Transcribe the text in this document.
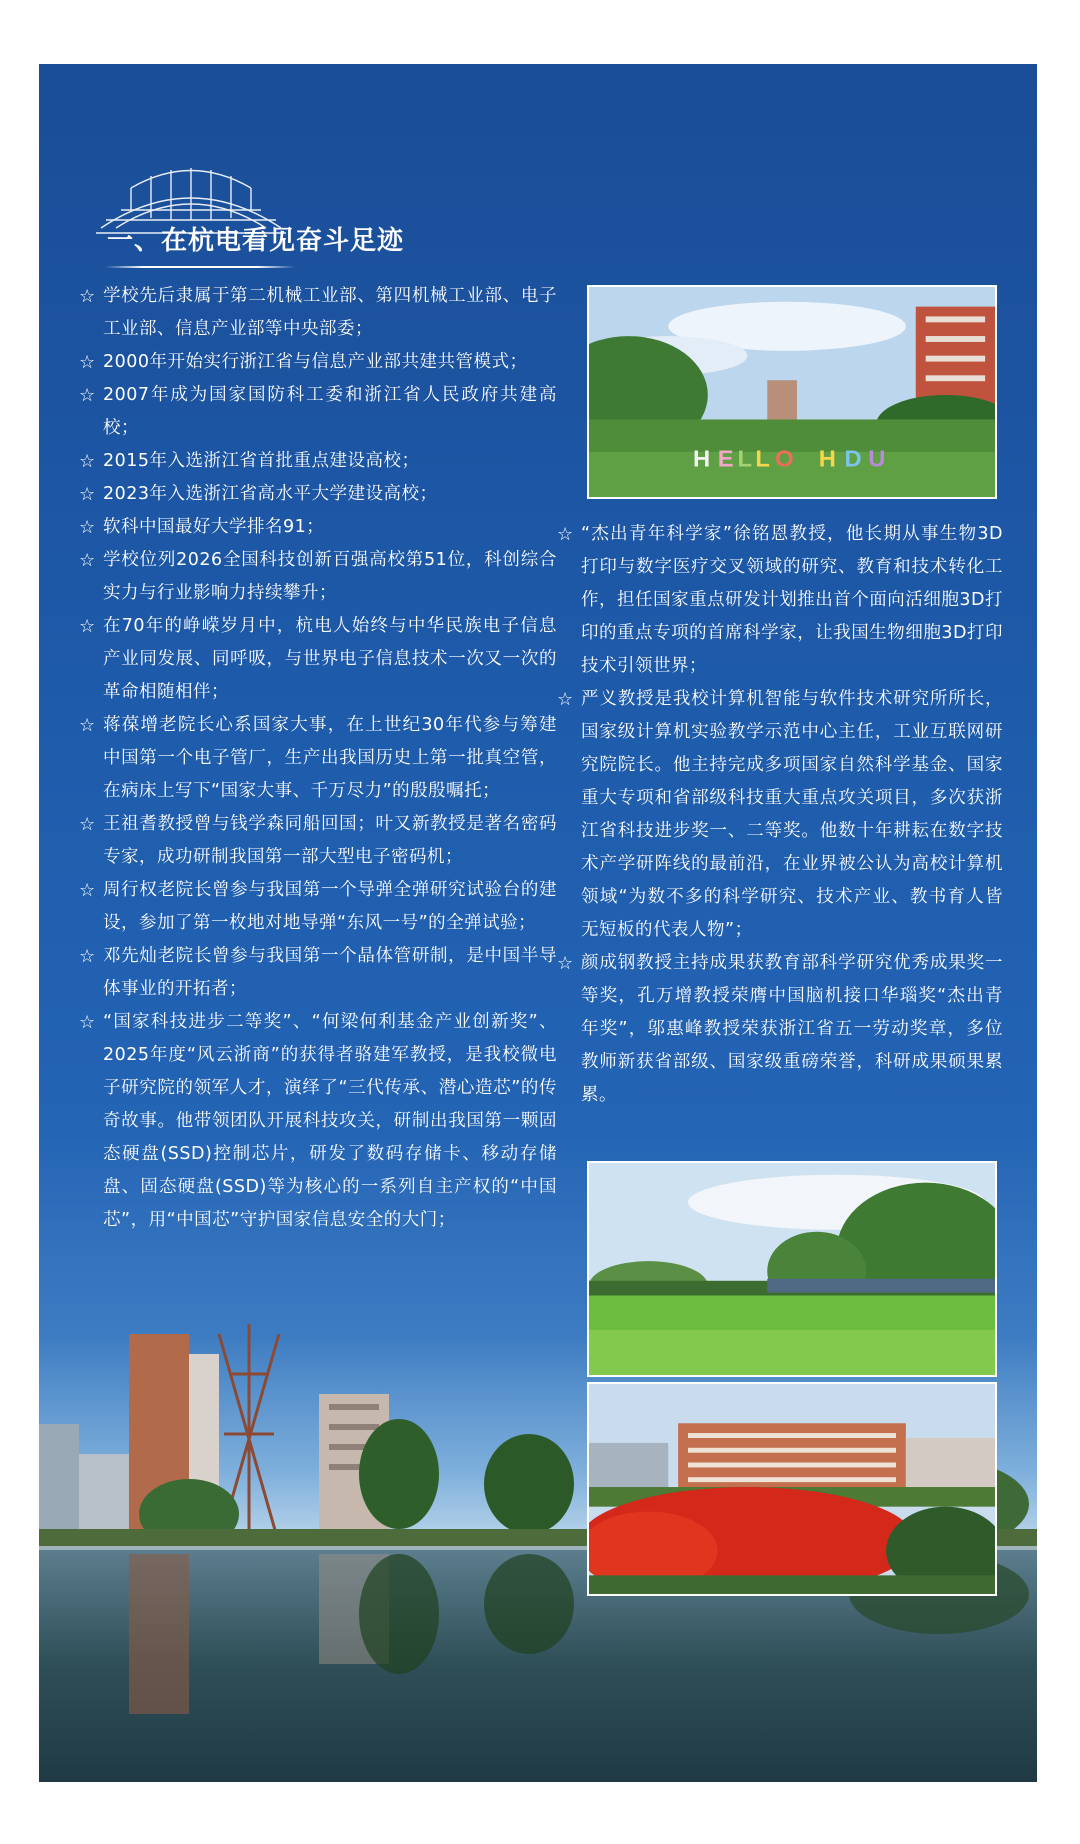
一、在杭电看见奋斗足迹
☆ 学校先后隶属于第二机械工业部、第四机械工业部、电子工业部、信息产业部等中央部委；
☆ 2000年开始实行浙江省与信息产业部共建共管模式；
☆ 2007年成为国家国防科工委和浙江省人民政府共建高校；
☆ 2015年入选浙江省首批重点建设高校；
☆ 2023年入选浙江省高水平大学建设高校；
☆ 软科中国最好大学排名91；
☆ 学校位列2026全国科技创新百强高校第51位，科创综合实力与行业影响力持续攀升；
☆ 在70年的峥嵘岁月中，杭电人始终与中华民族电子信息产业同发展、同呼吸，与世界电子信息技术一次又一次的革命相随相伴；
☆ 蒋葆增老院长心系国家大事，在上世纪30年代参与筹建中国第一个电子管厂，生产出我国历史上第一批真空管，在病床上写下“国家大事、千万尽力”的殷殷嘱托；
☆ 王祖耆教授曾与钱学森同船回国；叶又新教授是著名密码专家，成功研制我国第一部大型电子密码机；
☆ 周行权老院长曾参与我国第一个导弹全弹研究试验台的建设，参加了第一枚地对地导弹“东风一号”的全弹试验；
☆ 邓先灿老院长曾参与我国第一个晶体管研制，是中国半导体事业的开拓者；
☆ “国家科技进步二等奖”、“何梁何利基金产业创新奖”、2025年度“风云浙商”的获得者骆建军教授，是我校微电子研究院的领军人才，演绎了“三代传承、潜心造芯”的传奇故事。他带领团队开展科技攻关，研制出我国第一颗固态硬盘(SSD)控制芯片，研发了数码存储卡、移动存储盘、固态硬盘(SSD)等为核心的一系列自主产权的“中国芯”，用“中国芯”守护国家信息安全的大门；
☆ “杰出青年科学家”徐铭恩教授，他长期从事生物3D打印与数字医疗交叉领域的研究、教育和技术转化工作，担任国家重点研发计划推出首个面向活细胞3D打印的重点专项的首席科学家，让我国生物细胞3D打印技术引领世界；
☆ 严义教授是我校计算机智能与软件技术研究所所长，国家级计算机实验教学示范中心主任，工业互联网研究院院长。他主持完成多项国家自然科学基金、国家重大专项和省部级科技重大重点攻关项目，多次获浙江省科技进步奖一、二等奖。他数十年耕耘在数字技术产学研阵线的最前沿，在业界被公认为高校计算机领域“为数不多的科学研究、技术产业、教书育人皆无短板的代表人物”；
☆ 颜成钢教授主持成果获教育部科学研究优秀成果奖一等奖，孔万增教授荣膺中国脑机接口华瑙奖“杰出青年奖”，邬惠峰教授荣获浙江省五一劳动奖章，多位教师新获省部级、国家级重磅荣誉，科研成果硕果累累。
H E L L O H D U
